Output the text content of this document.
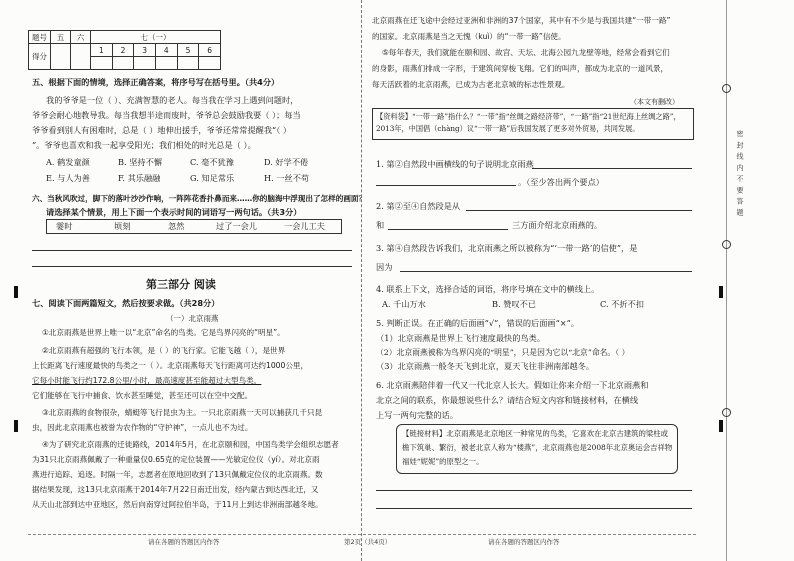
题号	五	六	七（一）					
得分			1	2	3	4	5	6

五、根据下面的情境，选择正确答案，将序号写在括号里。（共4分）
我的爷爷是一位（ ）、充满智慧的老人。每当我在学习上遇到问题时，
爷爷会耐心地教导我。每当我想半途而废时，爷爷总会鼓励我要（ ）；每当
爷爷看到别人有困难时，总是（ ）地伸出援手，爷爷还常常提醒我“（ ）
”。爷爷也喜欢和我一起享受阳光；我们相处的时光总是（ ）。
A. 鹤发童颜	B. 坚持不懈	C. 毫不犹豫	D. 好学不倦
E. 与人为善	F. 其乐融融	G. 知足常乐	H. 一丝不苟
六、当秋风吹过，脚下的落叶沙沙作响，一阵阵花香扑鼻而来……你的脑海中浮现出了怎样的画面？
请选择某个情景，用上下面一个表示时间的词语写一两句话。（共3分）
霎时	顷刻	忽然	过了一会儿	一会儿工夫
第三部分 阅读
七、阅读下面两篇短文，然后按要求做。（共28分）
（一）北京雨燕
①北京雨燕是世界上唯一以“北京”命名的鸟类。它是鸟界闪亮的“明星”。
②北京雨燕有超强的飞行本领，是（ ）的飞行家。它能飞越（ ），是世界
上长距离飞行速度最快的鸟类之一（ ）。北京雨燕每天飞行距离可达约1000公里，
它每小时能飞行约172.8公里/小时，最高速度甚至能超过大型鸟类，
它们能够在飞行中捕食、饮水甚至睡觉，甚至还可以在空中交配。
③北京雨燕的食物很杂，蜻蜓等飞行昆虫为主。一只北京雨燕一天可以捕获几千只昆
虫，因此北京雨燕也被誉为农作物的“守护神”，一点儿也不为过。
④为了研究北京雨燕的迁徙路线，2014年5月，在北京颐和园，中国鸟类学会组织志愿者
为31只北京雨燕佩戴了一种重量仅0.65克的定位装置——光敏定位仪（yí）。对北京雨
燕进行追踪、追逐。时隔一年，志愿者在原地回收到了13只佩戴定位仪的北京雨燕。数
据结果发现，这13只北京雨燕于2014年7月22日南迁出发，经内蒙古到达西北迁，又
从天山北部到达中亚地区，然后向南穿过阿拉伯半岛，于11月上到达非洲南部越冬地。
北京雨燕在迁飞途中会经过亚洲和非洲的37个国家，其中有不少是与我国共建“一带一路”
的国家。北京雨燕是当之无愧（kuì）的“一带一路”信使。
⑤每年春天，我们就能在颐和园、故宫、天坛、北海公园九龙壁等地，经常会看到它们
的身影，雨燕们排成一字形，于建筑间穿梭飞翔。它们的叫声，都成为北京的一道风景，
每天活跃着的北京雨燕，已成为古老北京城的标志性景观。
（本文有删改）
【资料袋】“一带一路”指什么？“一带”指“丝绸之路经济带”，“一路”指“21世纪海上丝绸之路”，2013年，中国倡（chàng）议“一带一路”后我国发展了更多对外贸易，共同发展。
1. 第②自然段中画横线的句子说明北京雨燕
。（至少答出两个要点）
2. 第②至④自然段是从
和	三方面介绍北京雨燕的。
3. 第④自然段告诉我们，北京雨燕之所以被称为“‘一带一路’的信使”，是
因为
4. 联系上下文，选择合适的词语，将序号填在文中的横线上。
A. 千山万水	B. 赞叹不已	C. 不折不扣
5. 判断正误。在正确的后面画“√”，错误的后面画“×”。
（1）北京雨燕是世界上飞行速度最快的鸟类。
（2）北京雨燕被称为鸟界闪亮的“明星”，只是因为它以“北京”命名。（ ）
（3）北京雨燕一般冬天飞到北京，夏天飞往非洲南部越冬。
6. 北京雨燕陪伴着一代又一代北京人长大。假如让你来介绍一下北京雨燕和
北京之间的联系，你最想说些什么？请结合短文内容和链接材料，在横线
上写一两句完整的话。
【链接材料】北京雨燕是北京地区一种常见的鸟类，它喜欢在北京古建筑的梁柱或檐下筑巢、繁衍，被老北京人称为“楼燕”，北京雨燕也是2008年北京奥运会吉祥物福娃“妮妮”的原型之一。
密 封 线 内 不 要 答 题
请在各题的答题区内作答	第2页（共4页）	请在各题的答题区内作答
